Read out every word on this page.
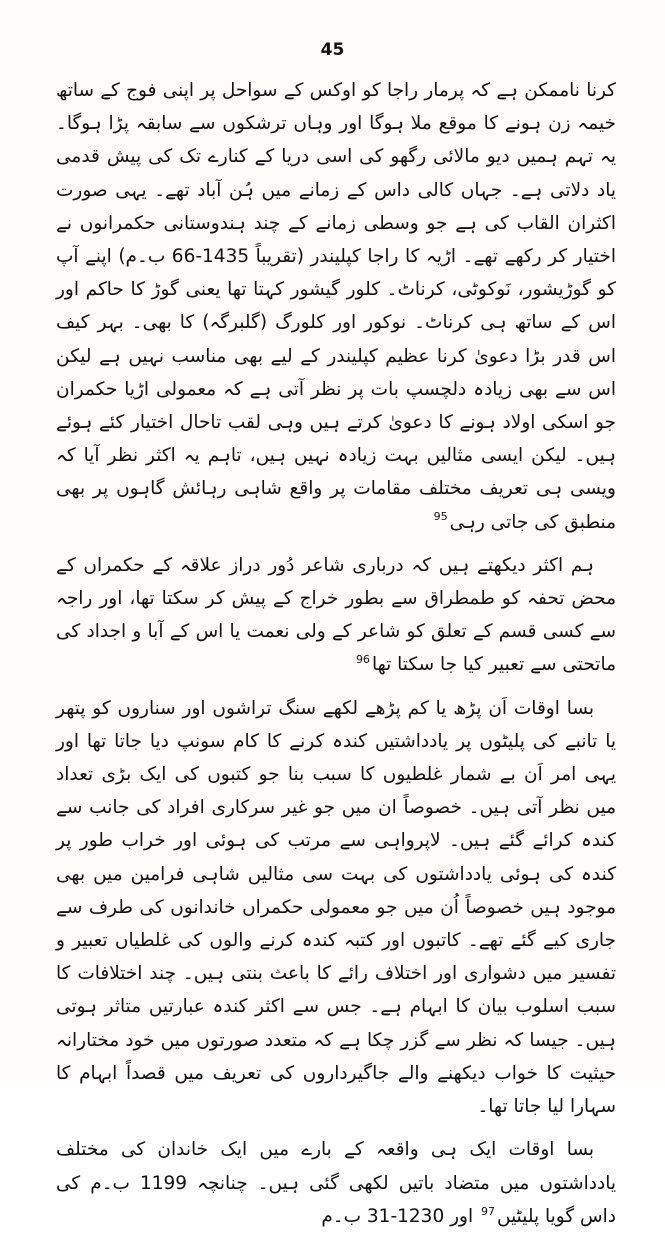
45

کرنا ناممکن ہے کہ پرمار راجا کو اوکس کے سواحل پر اپنی فوج کے ساتھ خیمہ زن ہونے کا موقع ملا ہوگا اور وہاں ترشکوں سے سابقہ پڑا ہوگا۔ یہ تہم ہمیں دیو مالائی رگھو کی اسی دریا کے کنارے تک کی پیش قدمی یاد دلاتی ہے۔ جہاں کالی داس کے زمانے میں ہُن آباد تھے۔ یہی صورت اکثران القاب کی ہے جو وسطی زمانے کے چند ہندوستانی حکمرانوں نے اختیار کر رکھے تھے۔ اڑیہ کا راجا کپلیندر (تقریباً 1435-66 ب۔م) اپنے آپ کو گوڑیشور، نَوکوٹی، کرناٹ۔ کلور گیشور کہتا تھا یعنی گوڑ کا حاکم اور اس کے ساتھ ہی کرناٹ۔ نوکور اور کلورگ (گلبرگہ) کا بھی۔ بہر کیف اس قدر بڑا دعویٰ کرنا عظیم کپلیندر کے لیے بھی مناسب نہیں ہے لیکن اس سے بھی زیادہ دلچسپ بات پر نظر آتی ہے کہ معمولی اڑیا حکمران جو اسکی اولاد ہونے کا دعویٰ کرتے ہیں وہی لقب تاحال اختیار کئے ہوئے ہیں۔ لیکن ایسی مثالیں بہت زیادہ نہیں ہیں، تاہم یہ اکثر نظر آیا کہ ویسی ہی تعریف مختلف مقامات پر واقع شاہی رہائش گاہوں پر بھی منطبق کی جاتی رہی$^{95}$

ہم اکثر دیکھتے ہیں کہ درباری شاعر دُور دراز علاقہ کے حکمراں کے محض تحفہ کو طمطراق سے بطور خراج کے پیش کر سکتا تھا، اور راجہ سے کسی قسم کے تعلق کو شاعر کے ولی نعمت یا اس کے آبا و اجداد کی ماتحتی سے تعبیر کیا جا سکتا تھا$^{96}$

بسا اوقات اَن پڑھ یا کم پڑھے لکھے سنگ تراشوں اور سناروں کو پتھر یا تانبے کی پلیٹوں پر یادداشتیں کندہ کرنے کا کام سونپ دیا جاتا تھا اور یہی امر اَن بے شمار غلطیوں کا سبب بنا جو کتبوں کی ایک بڑی تعداد میں نظر آتی ہیں۔ خصوصاً ان میں جو غیر سرکاری افراد کی جانب سے کندہ کرائے گئے ہیں۔ لاپرواہی سے مرتب کی ہوئی اور خراب طور پر کندہ کی ہوئی یادداشتوں کی بہت سی مثالیں شاہی فرامین میں بھی موجود ہیں خصوصاً اُن میں جو معمولی حکمراں خاندانوں کی طرف سے جاری کیے گئے تھے۔ کاتبوں اور کتبہ کندہ کرنے والوں کی غلطیاں تعبیر و تفسیر میں دشواری اور اختلاف رائے کا باعث بنتی ہیں۔ چند اختلافات کا سبب اسلوب بیان کا ابہام ہے۔ جس سے اکثر کندہ عبارتیں متاثر ہوتی ہیں۔ جیسا کہ نظر سے گزر چکا ہے کہ متعدد صورتوں میں خود مختارانہ حیثیت کا خواب دیکھنے والے جاگیرداروں کی تعریف میں قصداً ابہام کا سہارا لیا جاتا تھا۔

بسا اوقات ایک ہی واقعہ کے بارے میں ایک خاندان کی مختلف یادداشتوں میں متضاد باتیں لکھی گئی ہیں۔ چنانچہ 1199 ب۔م کی داس گویا پلیٹیں$^{97}$ اور 1230-31 ب۔م
